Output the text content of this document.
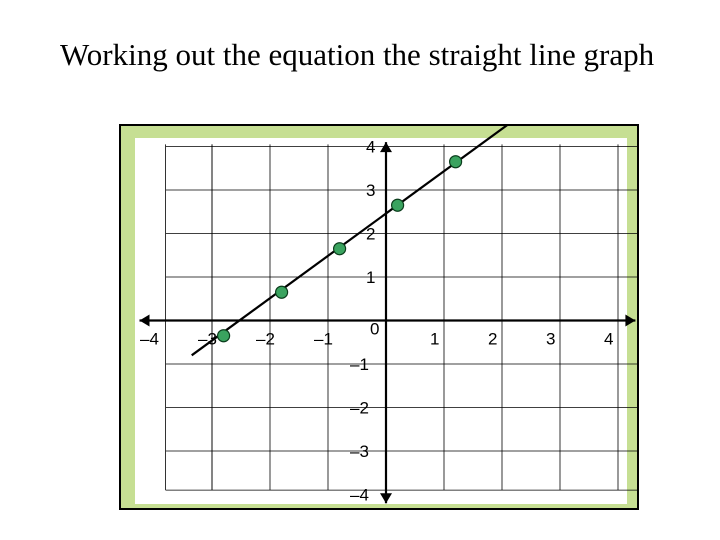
Working out the equation the straight line graph
–4 –3 –2 –1
0
1	2	3	4
4
3
2
1
–1
–2
–3
–4
